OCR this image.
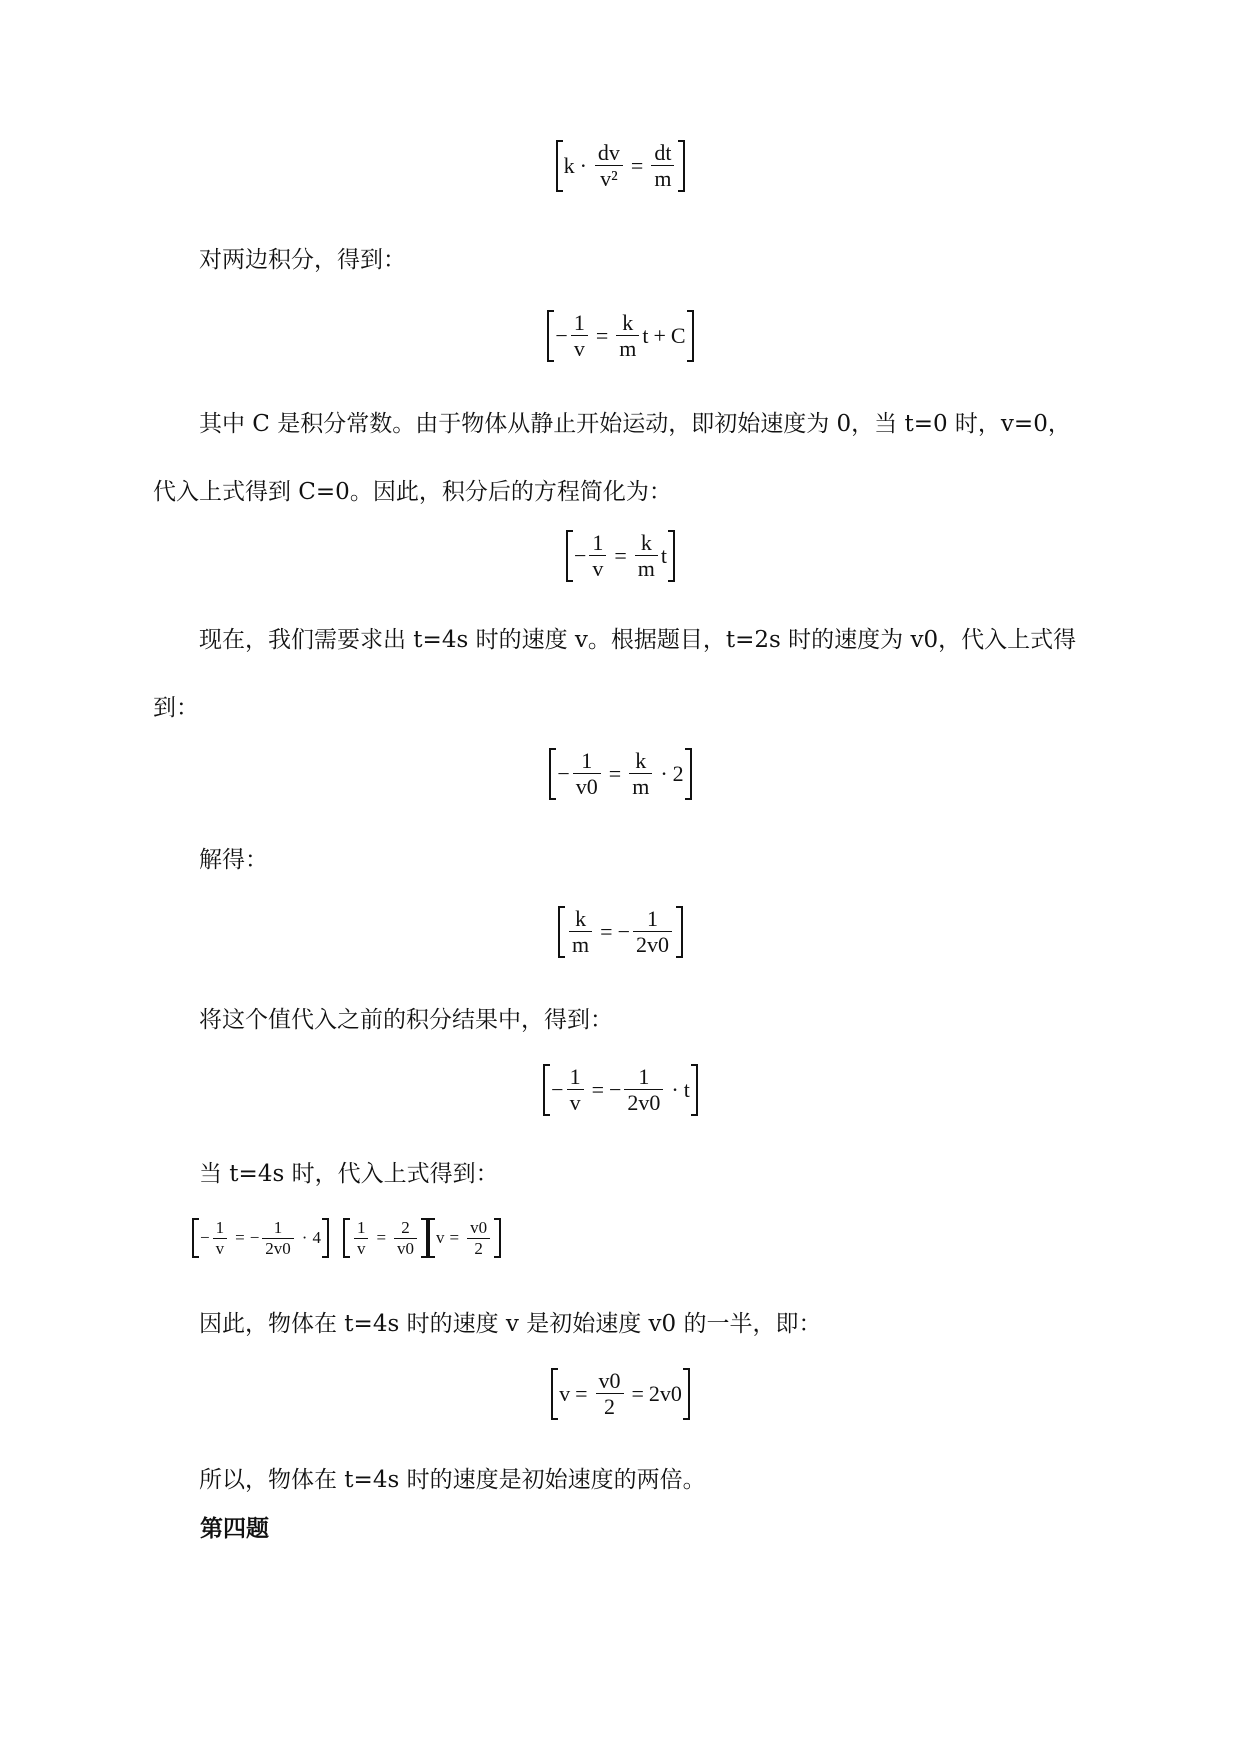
$k \cdot \frac{dv}{\text{v²}} = \frac{dt}{m}$

对两边积分，得到：

− $\frac{1}{v} = \frac{k}{m}$ t + C

其中 C 是积分常数。由于物体从静止开始运动，即初始速度为 0，当 t=0 时，v=0，代入上式得到 C=0。因此，积分后的方程简化为：

− $\frac{1}{v} = \frac{k}{m}$ t

现在，我们需要求出 t=4s 时的速度 v。根据题目，t=2s 时的速度为 v0，代入上式得到：

− $\frac{1}{v0} = \frac{k}{m} \cdot 2$

解得：

$\frac{k}{m}$ = − $\frac{1}{2v0}$

将这个值代入之前的积分结果中，得到：

− $\frac{1}{v}$ = − $\frac{1}{2v0} \cdot t$

当 t=4s 时，代入上式得到：

− $\frac{1}{v}$ = − $\frac{1}{2v0} \cdot 4 \frac{1}{v} = \frac{2}{v0}$ $v = \frac{v0}{2}$

因此，物体在 t=4s 时的速度 v 是初始速度 v0 的一半，即：

$v = \frac{v0}{2} = 2v0$

所以，物体在 t=4s 时的速度是初始速度的两倍。

第四题
